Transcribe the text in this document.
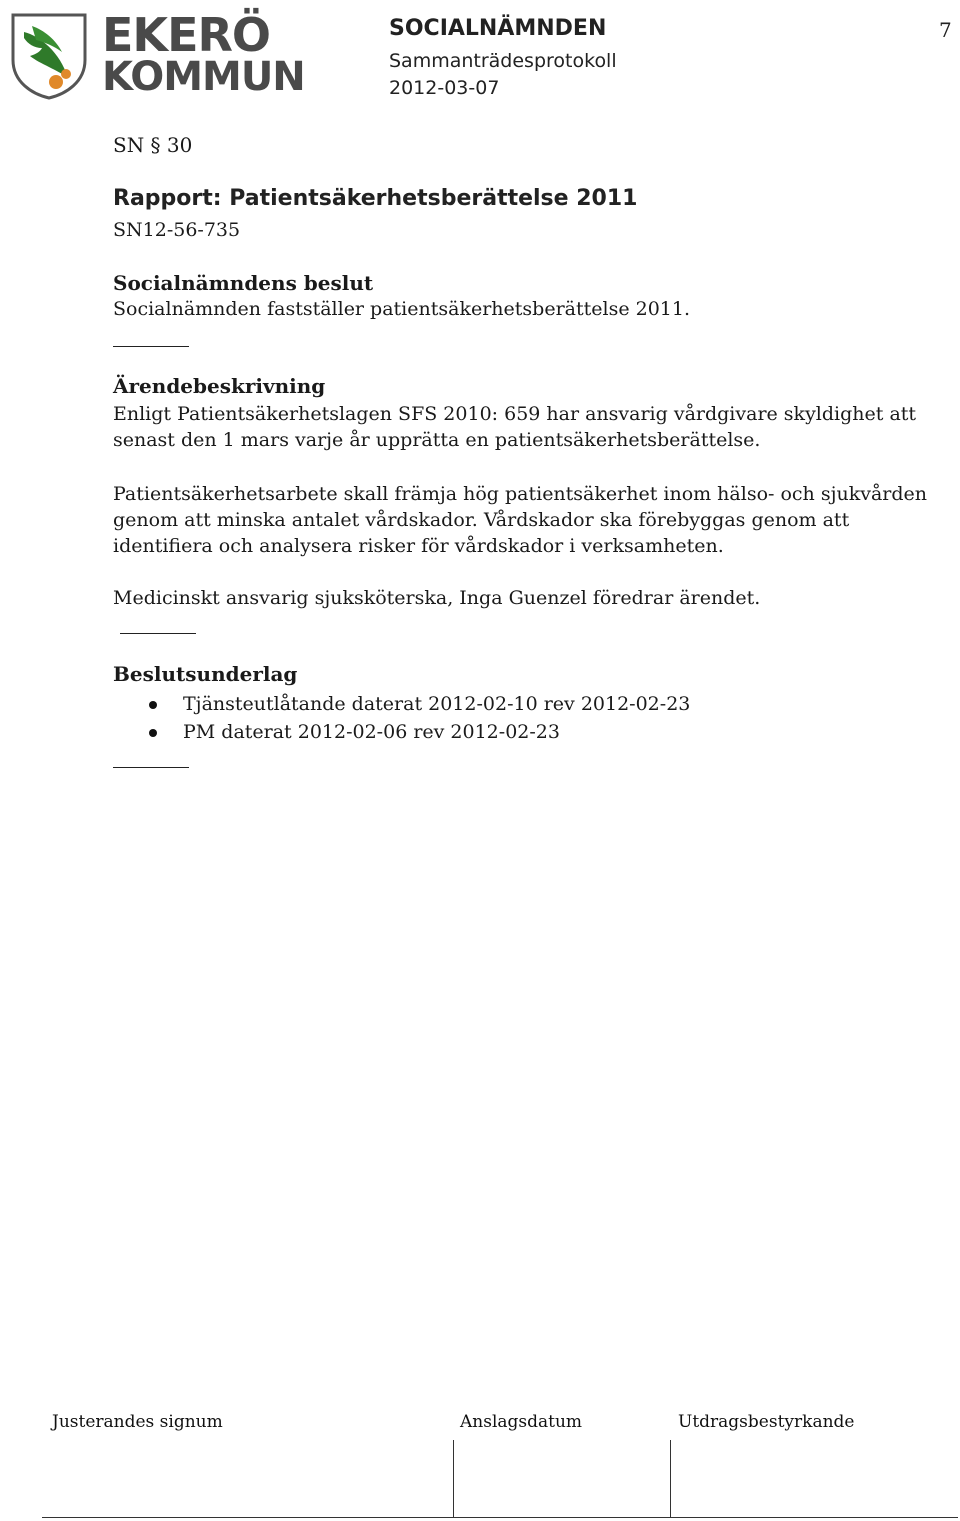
EKERÖ
KOMMUN
SOCIALNÄMNDEN
Sammanträdesprotokoll
2012-03-07
7
SN § 30
Rapport: Patientsäkerhetsberättelse 2011
SN12-56-735
Socialnämndens beslut
Socialnämnden fastställer patientsäkerhetsberättelse 2011.
Ärendebeskrivning
Enligt Patientsäkerhetslagen SFS 2010: 659 har ansvarig vårdgivare skyldighet att senast den 1 mars varje år upprätta en patientsäkerhetsberättelse.
Patientsäkerhetsarbete skall främja hög patientsäkerhet inom hälso- och sjukvården genom att minska antalet vårdskador. Vårdskador ska förebyggas genom att identifiera och analysera risker för vårdskador i verksamheten.
Medicinskt ansvarig sjuksköterska, Inga Guenzel föredrar ärendet.
Beslutsunderlag
Tjänsteutlåtande daterat 2012-02-10 rev 2012-02-23
PM daterat 2012-02-06 rev 2012-02-23
Justerandes signum	Anslagsdatum	Utdragsbestyrkande
